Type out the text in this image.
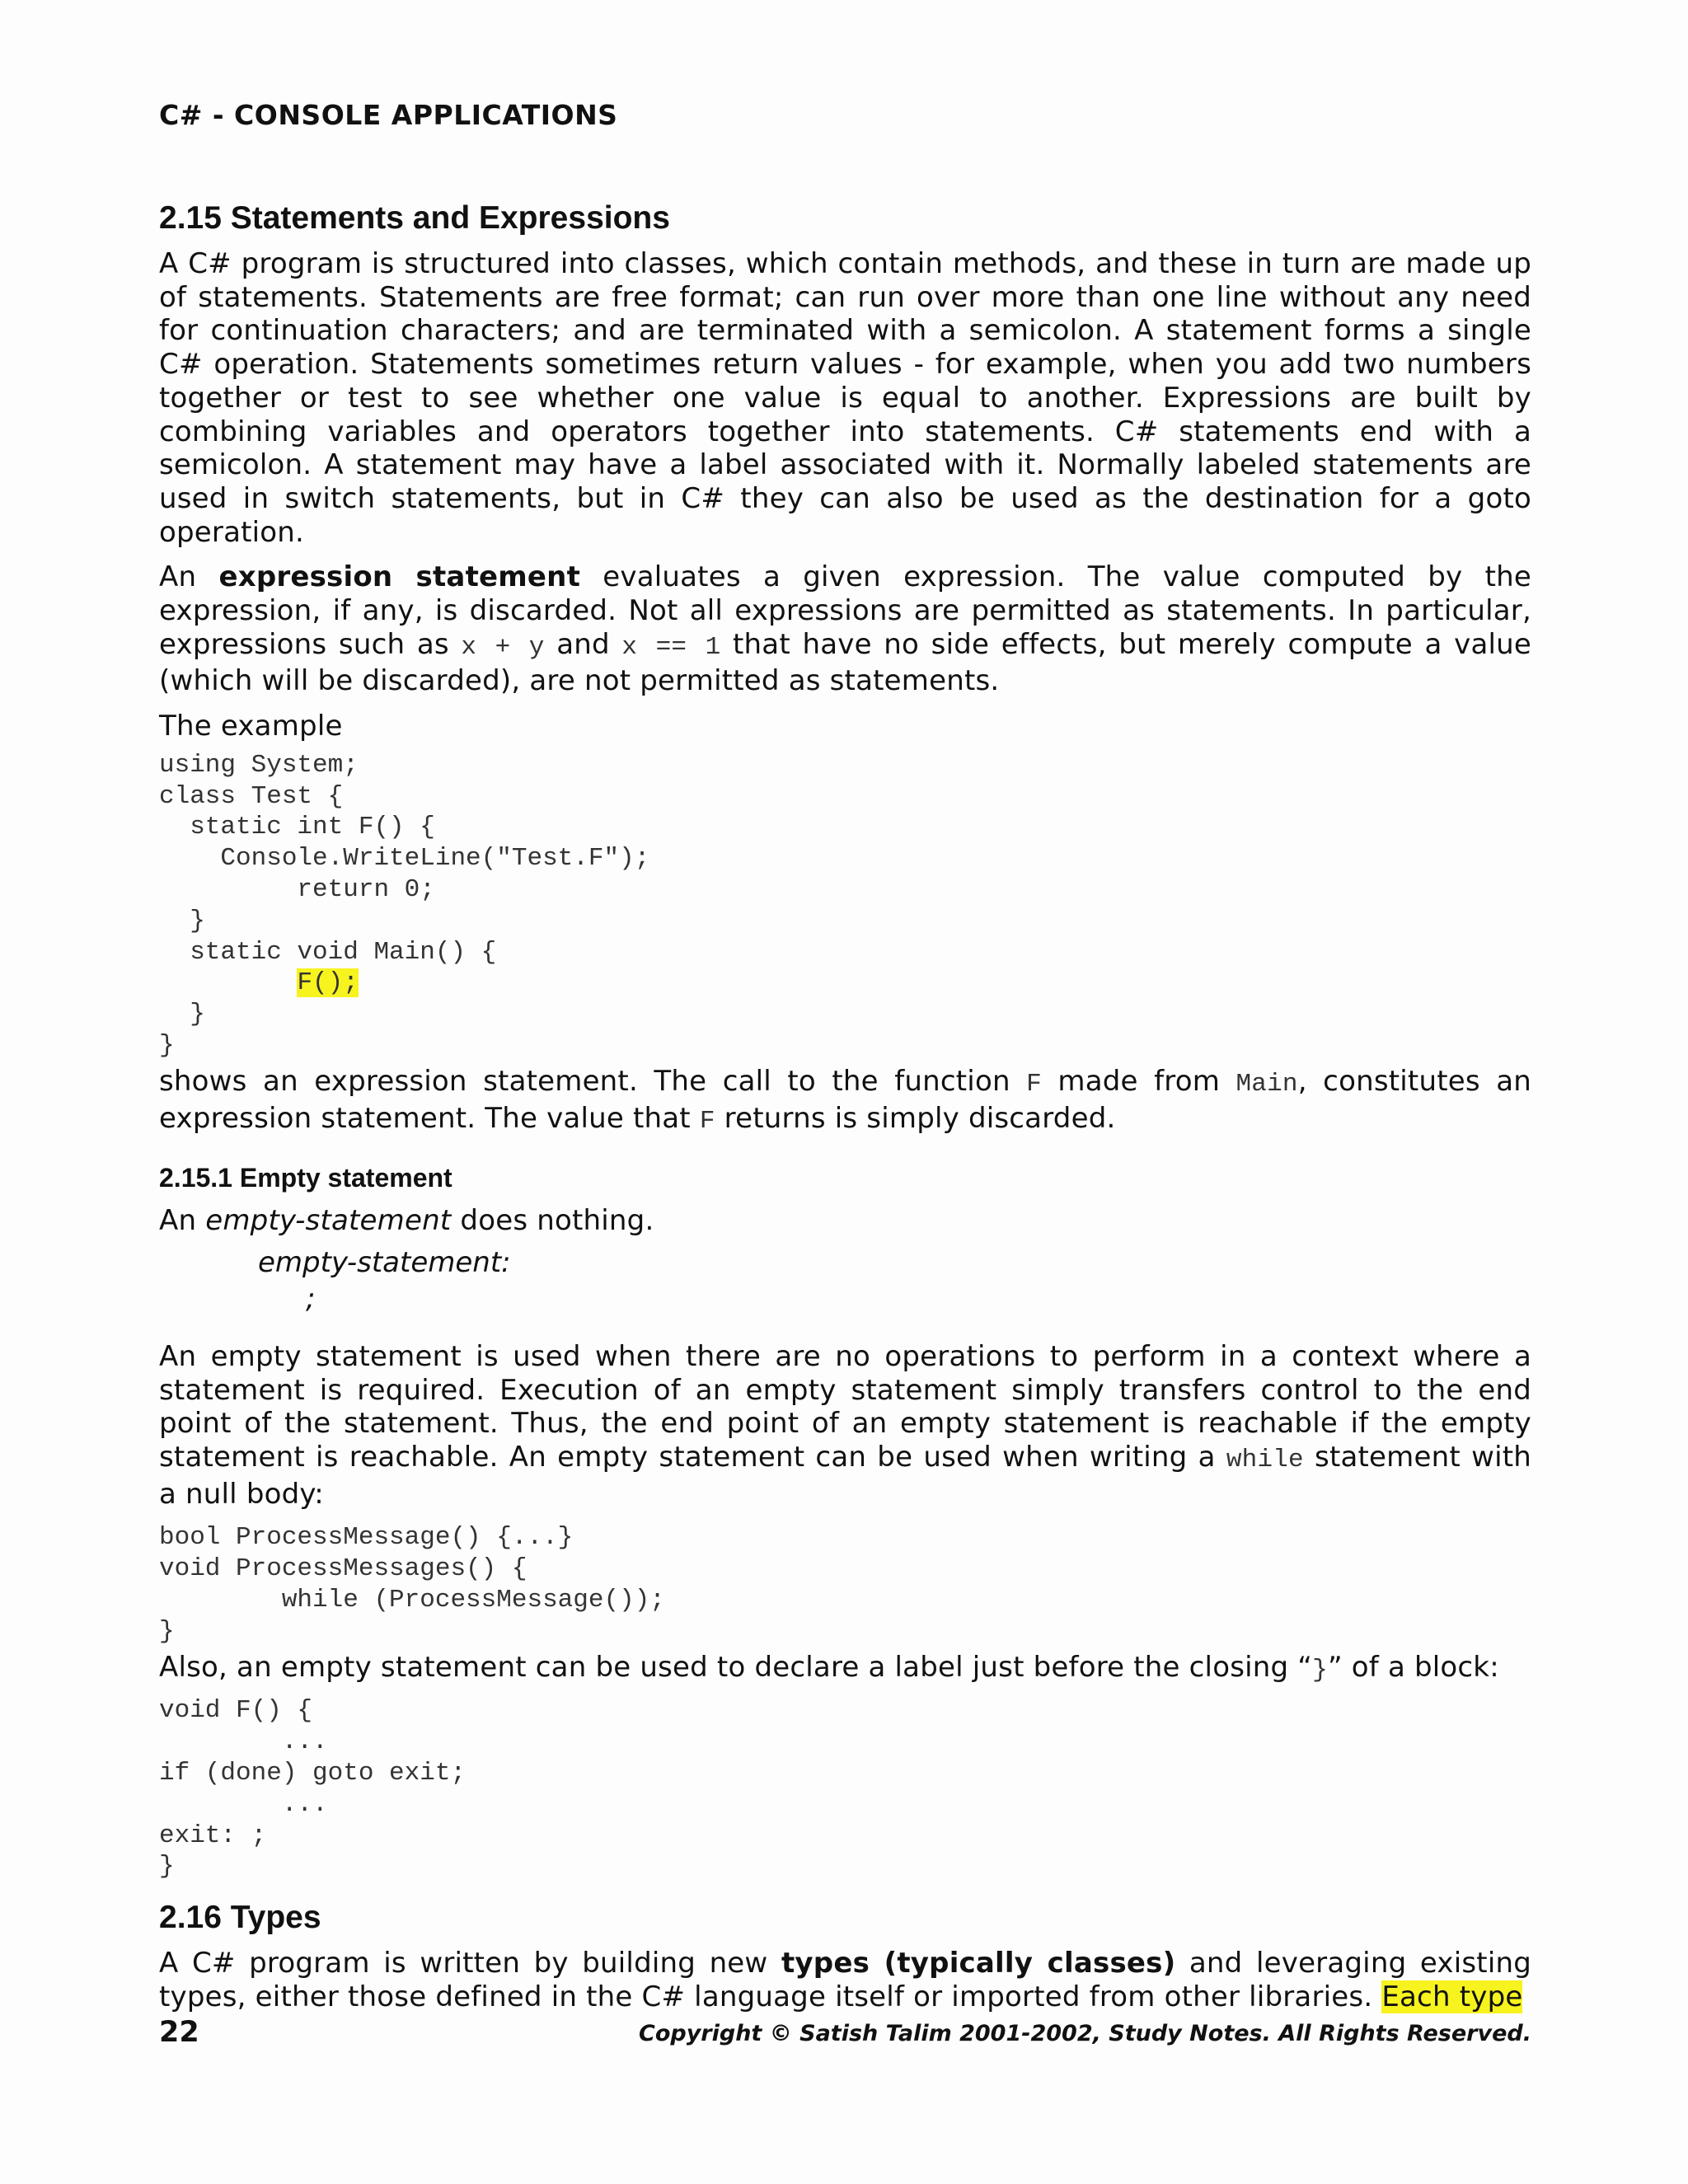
C# - CONSOLE APPLICATIONS
2.15 Statements and Expressions

A C# program is structured into classes, which contain methods, and these in turn are made up of statements. Statements are free format; can run over more than one line without any need for continuation characters; and are terminated with a semicolon. A statement forms a single C# operation. Statements sometimes return values - for example, when you add two numbers together or test to see whether one value is equal to another. Expressions are built by combining variables and operators together into statements. C# statements end with a semicolon. A statement may have a label associated with it. Normally labeled statements are used in switch statements, but in C# they can also be used as the destination for a goto operation.

An expression statement evaluates a given expression. The value computed by the expression, if any, is discarded. Not all expressions are permitted as statements. In particular, expressions such as x + y and x == 1 that have no side effects, but merely compute a value (which will be discarded), are not permitted as statements.

The example

using System;
class Test {
static int F() {
Console.WriteLine("Test.F");
return 0;
}
static void Main() {
F();
}
}

shows an expression statement. The call to the function F made from Main, constitutes an expression statement. The value that F returns is simply discarded.

2.15.1 Empty statement

An empty-statement does nothing.

empty-statement:
;

An empty statement is used when there are no operations to perform in a context where a statement is required. Execution of an empty statement simply transfers control to the end point of the statement. Thus, the end point of an empty statement is reachable if the empty statement is reachable. An empty statement can be used when writing a while statement with a null body:

bool ProcessMessage() {...}
void ProcessMessages() {
while (ProcessMessage());
}

Also, an empty statement can be used to declare a label just before the closing “}” of a block:

void F() {
...
if (done) goto exit;
...
exit: ;
}
2.16 Types

A C# program is written by building new types (typically classes) and leveraging existing types, either those defined in the C# language itself or imported from other libraries. Each type

22	Copyright © Satish Talim 2001-2002, Study Notes. All Rights Reserved.
